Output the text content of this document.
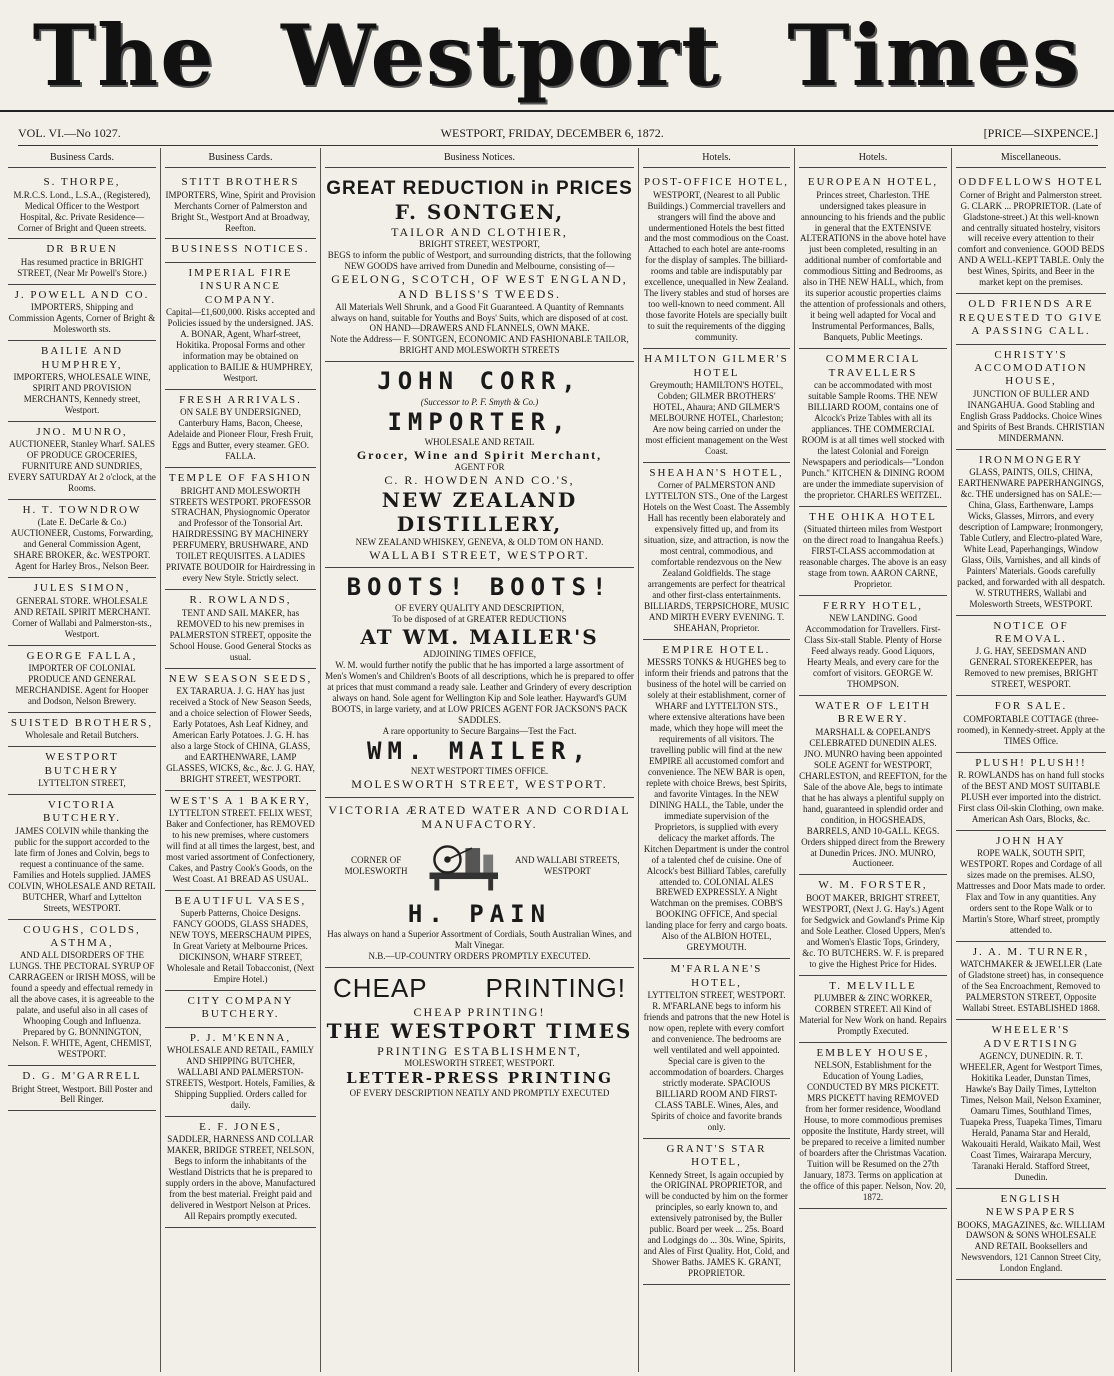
The Westport Times
VOL. VI.—No 1027.	WESTPORT, FRIDAY, DECEMBER 6, 1872.	[PRICE—SIXPENCE.]
Business Cards.
S. THORPE,
M.R.C.S. Lond., L.S.A., (Registered), Medical Officer to the Westport Hospital, &c. Private Residence—Corner of Bright and Queen streets.
DR BRUEN
Has resumed practice in BRIGHT STREET, (Near Mr Powell's Store.)
J. POWELL AND CO.
IMPORTERS, Shipping and Commission Agents, Corner of Bright & Molesworth sts.
BAILIE AND HUMPHREY,
IMPORTERS, WHOLESALE WINE, SPIRIT AND PROVISION MERCHANTS, Kennedy street, Westport.
JNO. MUNRO,
AUCTIONEER, Stanley Wharf. SALES OF PRODUCE GROCERIES, FURNITURE AND SUNDRIES, EVERY SATURDAY At 2 o'clock, at the Rooms.
H. T. TOWNDROW
(Late E. DeCarle & Co.) AUCTIONEER, Customs, Forwarding, and General Commission Agent, SHARE BROKER, &c. WESTPORT. Agent for Harley Bros., Nelson Beer.
JULES SIMON,
GENERAL STORE. WHOLESALE AND RETAIL SPIRIT MERCHANT. Corner of Wallabi and Palmerston-sts., Westport.
GEORGE FALLA,
IMPORTER OF COLONIAL PRODUCE AND GENERAL MERCHANDISE. Agent for Hooper and Dodson, Nelson Brewery.
SUISTED BROTHERS,
Wholesale and Retail Butchers.
WESTPORT BUTCHERY
LYTTELTON STREET,
VICTORIA BUTCHERY.
JAMES COLVIN while thanking the public for the support accorded to the late firm of Jones and Colvin, begs to request a continuance of the same. Families and Hotels supplied. JAMES COLVIN, WHOLESALE AND RETAIL BUTCHER, Wharf and Lyttelton Streets, WESTPORT.
COUGHS, COLDS, ASTHMA,
AND ALL DISORDERS OF THE LUNGS. THE PECTORAL SYRUP OF CARRAGEEN or IRISH MOSS, will be found a speedy and effectual remedy in all the above cases, it is agreeable to the palate, and useful also in all cases of Whooping Cough and Influenza. Prepared by G. BONNINGTON, Nelson. F. WHITE, Agent, CHEMIST, WESTPORT.
D. G. M'GARRELL
Bright Street, Westport. Bill Poster and Bell Ringer.
Business Cards.
STITT BROTHERS
IMPORTERS, Wine, Spirit and Provision Merchants Corner of Palmerston and Bright St., Westport And at Broadway, Reefton.
BUSINESS NOTICES.
IMPERIAL FIRE INSURANCE COMPANY.
Capital—£1,600,000. Risks accepted and Policies issued by the undersigned. JAS. A. BONAR, Agent, Wharf-street, Hokitika. Proposal Forms and other information may be obtained on application to BAILIE & HUMPHREY, Westport.
FRESH ARRIVALS.
ON SALE BY UNDERSIGNED, Canterbury Hams, Bacon, Cheese, Adelaide and Pioneer Flour, Fresh Fruit, Eggs and Butter, every steamer. GEO. FALLA.
TEMPLE OF FASHION
BRIGHT AND MOLESWORTH STREETS WESTPORT. PROFESSOR STRACHAN, Physiognomic Operator and Professor of the Tonsorial Art. HAIRDRESSING BY MACHINERY PERFUMERY, BRUSHWARE, AND TOILET REQUISITES. A LADIES PRIVATE BOUDOIR for Hairdressing in every New Style. Strictly select.
R. ROWLANDS,
TENT AND SAIL MAKER, has REMOVED to his new premises in PALMERSTON STREET, opposite the School House. Good General Stocks as usual.
NEW SEASON SEEDS,
EX TARARUA. J. G. HAY has just received a Stock of New Season Seeds, and a choice selection of Flower Seeds, Early Potatoes, Ash Leaf Kidney, and American Early Potatoes. J. G. H. has also a large Stock of CHINA, GLASS, and EARTHENWARE, LAMP GLASSES, WICKS, &c., &c. J. G. HAY, BRIGHT STREET, WESTPORT.
WEST'S A 1 BAKERY,
LYTTELTON STREET. FELIX WEST, Baker and Confectioner, has REMOVED to his new premises, where customers will find at all times the largest, best, and most varied assortment of Confectionery, Cakes, and Pastry Cook's Goods, on the West Coast. A1 BREAD AS USUAL.
BEAUTIFUL VASES,
Superb Patterns, Choice Designs. FANCY GOODS, GLASS SHADES, NEW TOYS, MEERSCHAUM PIPES, In Great Variety at Melbourne Prices. DICKINSON, WHARF STREET, Wholesale and Retail Tobacconist, (Next Empire Hotel.)
CITY COMPANY BUTCHERY.
P. J. M'KENNA,
WHOLESALE AND RETAIL, FAMILY AND SHIPPING BUTCHER, WALLABI AND PALMERSTON-STREETS, Westport. Hotels, Families, & Shipping Supplied. Orders called for daily.
E. F. JONES,
SADDLER, HARNESS AND COLLAR MAKER, BRIDGE STREET, NELSON, Begs to inform the inhabitants of the Westland Districts that he is prepared to supply orders in the above, Manufactured from the best material. Freight paid and delivered in Westport Nelson at Prices. All Repairs promptly executed.
Business Notices.
GREAT REDUCTION in PRICES
F. SONTGEN,
TAILOR AND CLOTHIER,
BRIGHT STREET, WESTPORT,
BEGS to inform the public of Westport, and surrounding districts, that the following NEW GOODS have arrived from Dunedin and Melbourne, consisting of—
GEELONG, SCOTCH, OF WEST ENGLAND, AND BLISS'S TWEEDS.
All Materials Well Shrunk, and a Good Fit Guaranteed. A Quantity of Remnants always on hand, suitable for Youths and Boys' Suits, which are disposed of at cost. ON HAND—DRAWERS AND FLANNELS, OWN MAKE.
Note the Address— F. SONTGEN, ECONOMIC AND FASHIONABLE TAILOR, BRIGHT AND MOLESWORTH STREETS
JOHN CORR,
(Successor to P. F. Smyth & Co.)
IMPORTER,
WHOLESALE AND RETAIL
Grocer, Wine and Spirit Merchant,
AGENT FOR
C. R. HOWDEN AND CO.'S,
NEW ZEALAND DISTILLERY,
NEW ZEALAND WHISKEY, GENEVA, & OLD TOM ON HAND.
WALLABI STREET, WESTPORT.
BOOTS! BOOTS!
OF EVERY QUALITY AND DESCRIPTION,
To be disposed of at GREATER REDUCTIONS
AT WM. MAILER'S
ADJOINING TIMES OFFICE,
W. M. would further notify the public that he has imported a large assortment of Men's Women's and Children's Boots of all descriptions, which he is prepared to offer at prices that must command a ready sale. Leather and Grindery of every description always on hand. Sole agent for Wellington Kip and Sole leather. Hayward's GUM BOOTS, in large variety, and at LOW PRICES AGENT FOR JACKSON'S PACK SADDLES.
A rare opportunity to Secure Bargains—Test the Fact.
WM. MAILER,
NEXT WESTPORT TIMES OFFICE.
MOLESWORTH STREET, WESTPORT.
VICTORIA ÆRATED WATER AND CORDIAL MANUFACTORY.
CORNER OF MOLESWORTH
AND WALLABI STREETS, WESTPORT
H. PAIN
Has always on hand a Superior Assortment of Cordials, South Australian Wines, and Malt Vinegar.
N.B.—UP-COUNTRY ORDERS PROMPTLY EXECUTED.
CHEAP PRINTING!
CHEAP PRINTING!
THE WESTPORT TIMES
PRINTING ESTABLISHMENT,
MOLESWORTH STREET, WESTPORT.
LETTER-PRESS PRINTING
OF EVERY DESCRIPTION NEATLY AND PROMPTLY EXECUTED
Hotels.
POST-OFFICE HOTEL,
WESTPORT, (Nearest to all Public Buildings.) Commercial travellers and strangers will find the above and undermentioned Hotels the best fitted and the most commodious on the Coast. Attached to each hotel are ante-rooms for the display of samples. The billiard-rooms and table are indisputably par excellence, unequalled in New Zealand. The livery stables and stud of horses are too well-known to need comment. All those favorite Hotels are specially built to suit the requirements of the digging community.
HAMILTON GILMER'S HOTEL
Greymouth; HAMILTON'S HOTEL, Cobden; GILMER BROTHERS' HOTEL, Ahaura; AND GILMER'S MELBOURNE HOTEL, Charleston; Are now being carried on under the most efficient management on the West Coast.
SHEAHAN'S HOTEL,
Corner of PALMERSTON AND LYTTELTON STS., One of the Largest Hotels on the West Coast. The Assembly Hall has recently been elaborately and expensively fitted up, and from its situation, size, and attraction, is now the most central, commodious, and comfortable rendezvous on the New Zealand Goldfields. The stage arrangements are perfect for theatrical and other first-class entertainments. BILLIARDS, TERPSICHORE, MUSIC AND MIRTH EVERY EVENING. T. SHEAHAN, Proprietor.
EMPIRE HOTEL.
MESSRS TONKS & HUGHES beg to inform their friends and patrons that the business of the hotel will be carried on solely at their establishment, corner of WHARF and LYTTELTON STS., where extensive alterations have been made, which they hope will meet the requirements of all visitors. The travelling public will find at the new EMPIRE all accustomed comfort and convenience. The NEW BAR is open, replete with choice Brews, best Spirits, and favorite Vintages. In the NEW DINING HALL, the Table, under the immediate supervision of the Proprietors, is supplied with every delicacy the market affords. The Kitchen Department is under the control of a talented chef de cuisine. One of Alcock's best Billiard Tables, carefully attended to. COLONIAL ALES BREWED EXPRESSLY. A Night Watchman on the premises. COBB'S BOOKING OFFICE, And special landing place for ferry and cargo boats. Also of the ALBION HOTEL, GREYMOUTH.
M'FARLANE'S HOTEL,
LYTTELTON STREET, WESTPORT. R. M'FARLANE begs to inform his friends and patrons that the new Hotel is now open, replete with every comfort and convenience. The bedrooms are well ventilated and well appointed. Special care is given to the accommodation of boarders. Charges strictly moderate. SPACIOUS BILLIARD ROOM AND FIRST-CLASS TABLE. Wines, Ales, and Spirits of choice and favorite brands only.
GRANT'S STAR HOTEL,
Kennedy Street, Is again occupied by the ORIGINAL PROPRIETOR, and will be conducted by him on the former principles, so early known to, and extensively patronised by, the Buller public. Board per week ... 25s. Board and Lodgings do ... 30s. Wine, Spirits, and Ales of First Quality. Hot, Cold, and Shower Baths. JAMES K. GRANT, PROPRIETOR.
Hotels.
EUROPEAN HOTEL,
Princes street, Charleston. THE undersigned takes pleasure in announcing to his friends and the public in general that the EXTENSIVE ALTERATIONS in the above hotel have just been completed, resulting in an additional number of comfortable and commodious Sitting and Bedrooms, as also in THE NEW HALL, which, from its superior acoustic properties claims the attention of professionals and others, it being well adapted for Vocal and Instrumental Performances, Balls, Banquets, Public Meetings.
COMMERCIAL TRAVELLERS
can be accommodated with most suitable Sample Rooms. THE NEW BILLIARD ROOM, contains one of Alcock's Prize Tables with all its appliances. THE COMMERCIAL ROOM is at all times well stocked with the latest Colonial and Foreign Newspapers and periodicals—"London Punch." KITCHEN & DINING ROOM are under the immediate supervision of the proprietor. CHARLES WEITZEL.
THE OHIKA HOTEL
(Situated thirteen miles from Westport on the direct road to Inangahua Reefs.) FIRST-CLASS accommodation at reasonable charges. The above is an easy stage from town. AARON CARNE, Proprietor.
FERRY HOTEL,
NEW LANDING. Good Accommodation for Travellers. First-Class Six-stall Stable. Plenty of Horse Feed always ready. Good Liquors, Hearty Meals, and every care for the comfort of visitors. GEORGE W. THOMPSON.
WATER OF LEITH BREWERY.
MARSHALL & COPELAND'S CELEBRATED DUNEDIN ALES. JNO. MUNRO having been appointed SOLE AGENT for WESTPORT, CHARLESTON, and REEFTON, for the Sale of the above Ale, begs to intimate that he has always a plentiful supply on hand, guaranteed in splendid order and condition, in HOGSHEADS, BARRELS, AND 10-GALL. KEGS. Orders shipped direct from the Brewery at Dunedin Prices. JNO. MUNRO, Auctioneer.
W. M. FORSTER,
BOOT MAKER, BRIGHT STREET, WESTPORT, (Next J. G. Hay's.) Agent for Sedgwick and Gowland's Prime Kip and Sole Leather. Closed Uppers, Men's and Women's Elastic Tops, Grindery, &c. TO BUTCHERS. W. F. is prepared to give the Highest Price for Hides.
T. MELVILLE
PLUMBER & ZINC WORKER, CORBEN STREET. All Kind of Material for New Work on hand. Repairs Promptly Executed.
EMBLEY HOUSE,
NELSON, Establishment for the Education of Young Ladies, CONDUCTED BY MRS PICKETT. MRS PICKETT having REMOVED from her former residence, Woodland House, to more commodious premises opposite the Institute, Hardy street, will be prepared to receive a limited number of boarders after the Christmas Vacation. Tuition will be Resumed on the 27th January, 1873. Terms on application at the office of this paper. Nelson, Nov. 20, 1872.
Miscellaneous.
ODDFELLOWS HOTEL
Corner of Bright and Palmerston street. G. CLARK ... PROPRIETOR. (Late of Gladstone-street.) At this well-known and centrally situated hostelry, visitors will receive every attention to their comfort and convenience. GOOD BEDS AND A WELL-KEPT TABLE. Only the best Wines, Spirits, and Beer in the market kept on the premises.
OLD FRIENDS ARE REQUESTED TO GIVE A PASSING CALL.
CHRISTY'S ACCOMODATION HOUSE,
JUNCTION OF BULLER AND INANGAHUA. Good Stabling and English Grass Paddocks. Choice Wines and Spirits of Best Brands. CHRISTIAN MINDERMANN.
IRONMONGERY
GLASS, PAINTS, OILS, CHINA, EARTHENWARE PAPERHANGINGS, &c. THE undersigned has on SALE:—China, Glass, Earthenware, Lamps Wicks, Glasses, Mirrors, and every description of Lampware; Ironmongery, Table Cutlery, and Electro-plated Ware, White Lead, Paperhangings, Window Glass, Oils, Varnishes, and all kinds of Painters' Materials. Goods carefully packed, and forwarded with all despatch. W. STRUTHERS, Wallabi and Molesworth Streets, WESTPORT.
NOTICE OF REMOVAL.
J. G. HAY, SEEDSMAN AND GENERAL STOREKEEPER, has Removed to new premises, BRIGHT STREET, WESPORT.
FOR SALE.
COMFORTABLE COTTAGE (three-roomed), in Kennedy-street. Apply at the TIMES Office.
PLUSH! PLUSH!!
R. ROWLANDS has on hand full stocks of the BEST AND MOST SUITABLE PLUSH ever imported into the district. First class Oil-skin Clothing, own make. American Ash Oars, Blocks, &c.
JOHN HAY
ROPE WALK, SOUTH SPIT, WESTPORT. Ropes and Cordage of all sizes made on the premises. ALSO, Mattresses and Door Mats made to order. Flax and Tow in any quantities. Any orders sent to the Rope Walk or to Martin's Store, Wharf street, promptly attended to.
J. A. M. TURNER,
WATCHMAKER & JEWELLER (Late of Gladstone street) has, in consequence of the Sea Encroachment, Removed to PALMERSTON STREET, Opposite Wallabi Street. ESTABLISHED 1868.
WHEELER'S ADVERTISING
AGENCY, DUNEDIN. R. T. WHEELER, Agent for Westport Times, Hokitika Leader, Dunstan Times, Hawke's Bay Daily Times, Lyttelton Times, Nelson Mail, Nelson Examiner, Oamaru Times, Southland Times, Tuapeka Press, Tuapeka Times, Timaru Herald, Panama Star and Herald, Wakouaiti Herald, Waikato Mail, West Coast Times, Wairarapa Mercury, Taranaki Herald. Stafford Street, Dunedin.
ENGLISH NEWSPAPERS
BOOKS, MAGAZINES, &c. WILLIAM DAWSON & SONS WHOLESALE AND RETAIL Booksellers and Newsvendors, 121 Cannon Street City, London England.
